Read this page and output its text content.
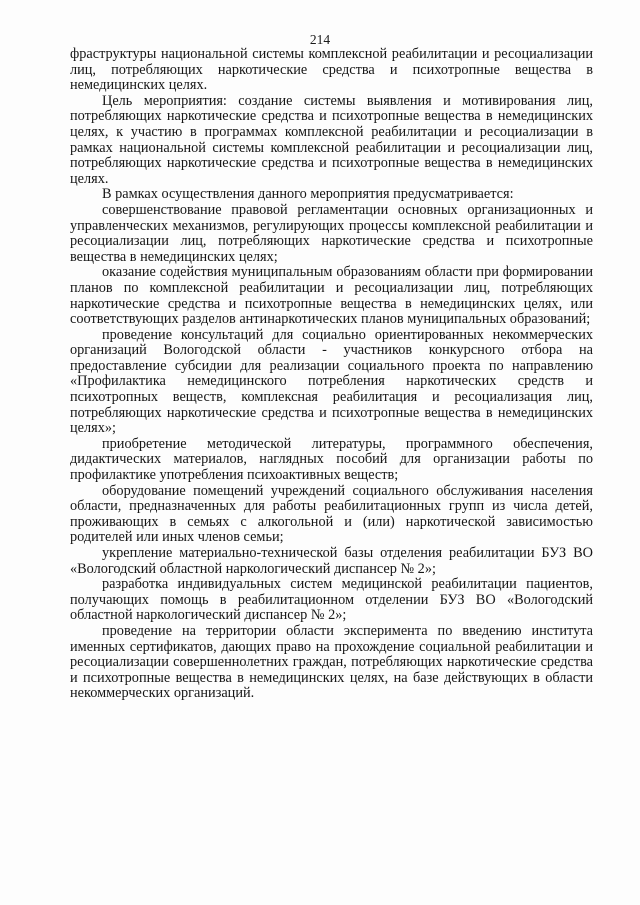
214

фраструктуры национальной системы комплексной реабилитации и ресоциализации лиц, потребляющих наркотические средства и психотропные вещества в немедицинских целях.

Цель мероприятия: создание системы выявления и мотивирования лиц, потребляющих наркотические средства и психотропные вещества в немедицинских целях, к участию в программах комплексной реабилитации и ресоциализации в рамках национальной системы комплексной реабилитации и ресоциализации лиц, потребляющих наркотические средства и психотропные вещества в немедицинских целях.

В рамках осуществления данного мероприятия предусматривается:

совершенствование правовой регламентации основных организационных и управленческих механизмов, регулирующих процессы комплексной реабилитации и ресоциализации лиц, потребляющих наркотические средства и психотропные вещества в немедицинских целях;

оказание содействия муниципальным образованиям области при формировании планов по комплексной реабилитации и ресоциализации лиц, потребляющих наркотические средства и психотропные вещества в немедицинских целях, или соответствующих разделов антинаркотических планов муниципальных образований;

проведение консультаций для социально ориентированных некоммерческих организаций Вологодской области - участников конкурсного отбора на предоставление субсидии для реализации социального проекта по направлению «Профилактика немедицинского потребления наркотических средств и психотропных веществ, комплексная реабилитация и ресоциализация лиц, потребляющих наркотические средства и психотропные вещества в немедицинских целях»;

приобретение методической литературы, программного обеспечения, дидактических материалов, наглядных пособий для организации работы по профилактике употребления психоактивных веществ;

оборудование помещений учреждений социального обслуживания населения области, предназначенных для работы реабилитационных групп из числа детей, проживающих в семьях с алкогольной и (или) наркотической зависимостью родителей или иных членов семьи;

укрепление материально-технической базы отделения реабилитации БУЗ ВО «Вологодский областной наркологический диспансер № 2»;

разработка индивидуальных систем медицинской реабилитации пациентов, получающих помощь в реабилитационном отделении БУЗ ВО «Вологодский областной наркологический диспансер № 2»;

проведение на территории области эксперимента по введению института именных сертификатов, дающих право на прохождение социальной реабилитации и ресоциализации совершеннолетних граждан, потребляющих наркотические средства и психотропные вещества в немедицинских целях, на базе действующих в области некоммерческих организаций.
